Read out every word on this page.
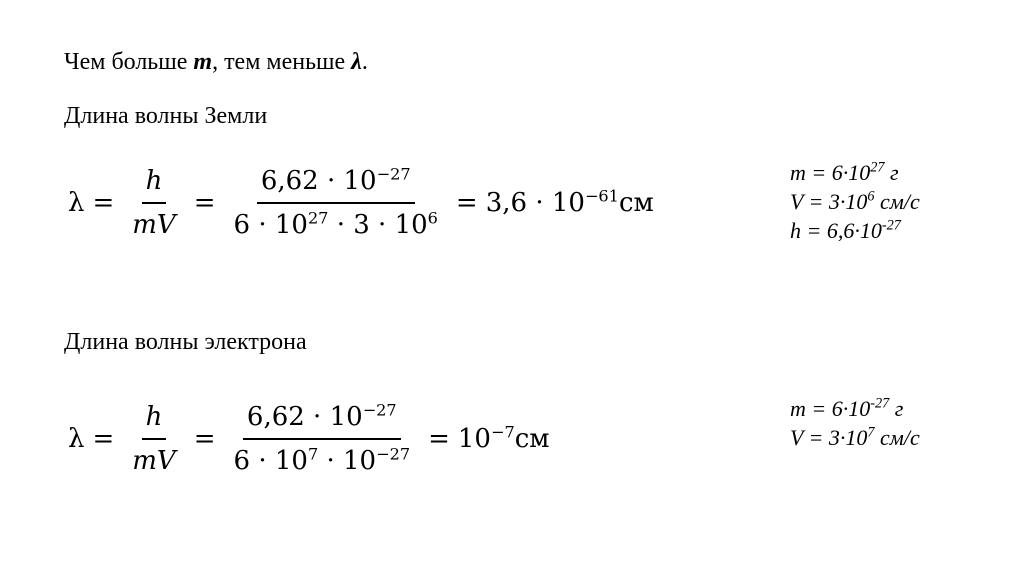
Чем больше m, тем меньше λ.
Длина волны Земли
$\lambda = \frac{h}{mV} = \frac{6,62 \cdot 10^{-27}}{6 \cdot 10^{27} \cdot 3 \cdot 10^6} = 3,6 \cdot 10^{-61}см$
$m = 6\cdot 10^{27}$ г
$V = 3\cdot 10^6$ см/с
$h = 6,6\cdot 10^{-27}$
Длина волны электрона
$\lambda = \frac{h}{mV} = \frac{6,62 \cdot 10^{-27}}{6 \cdot 10^7 \cdot 10^{-27}} = 10^{-7}см$
$m = 6\cdot 10^{-27}$ г
$V = 3\cdot 10^7$ см/с
